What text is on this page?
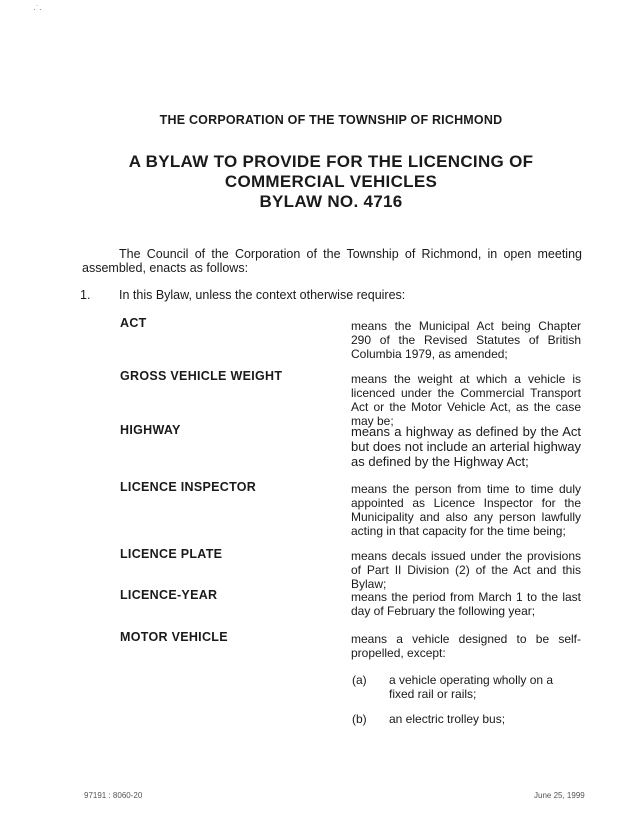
·˙·
THE CORPORATION OF THE TOWNSHIP OF RICHMOND
A BYLAW TO PROVIDE FOR THE LICENCING OF
COMMERCIAL VEHICLES
BYLAW NO. 4716
The Council of the Corporation of the Township of Richmond, in open meeting assembled, enacts as follows:
1. In this Bylaw, unless the context otherwise requires:
ACT	means the Municipal Act being Chapter 290 of the Revised Statutes of British Columbia 1979, as amended;
GROSS VEHICLE WEIGHT	means the weight at which a vehicle is licenced under the Commercial Transport Act or the Motor Vehicle Act, as the case may be;
HIGHWAY	means a highway as defined by the Act but does not include an arterial highway as defined by the Highway Act;
LICENCE INSPECTOR	means the person from time to time duly appointed as Licence Inspector for the Municipality and also any person lawfully acting in that capacity for the time being;
LICENCE PLATE	means decals issued under the provisions of Part II Division (2) of the Act and this Bylaw;
LICENCE-YEAR	means the period from March 1 to the last day of February the following year;
MOTOR VEHICLE	means a vehicle designed to be self-propelled, except:
(a) a vehicle operating wholly on a fixed rail or rails;
(b) an electric trolley bus;
97191 : 8060-20	June 25, 1999
